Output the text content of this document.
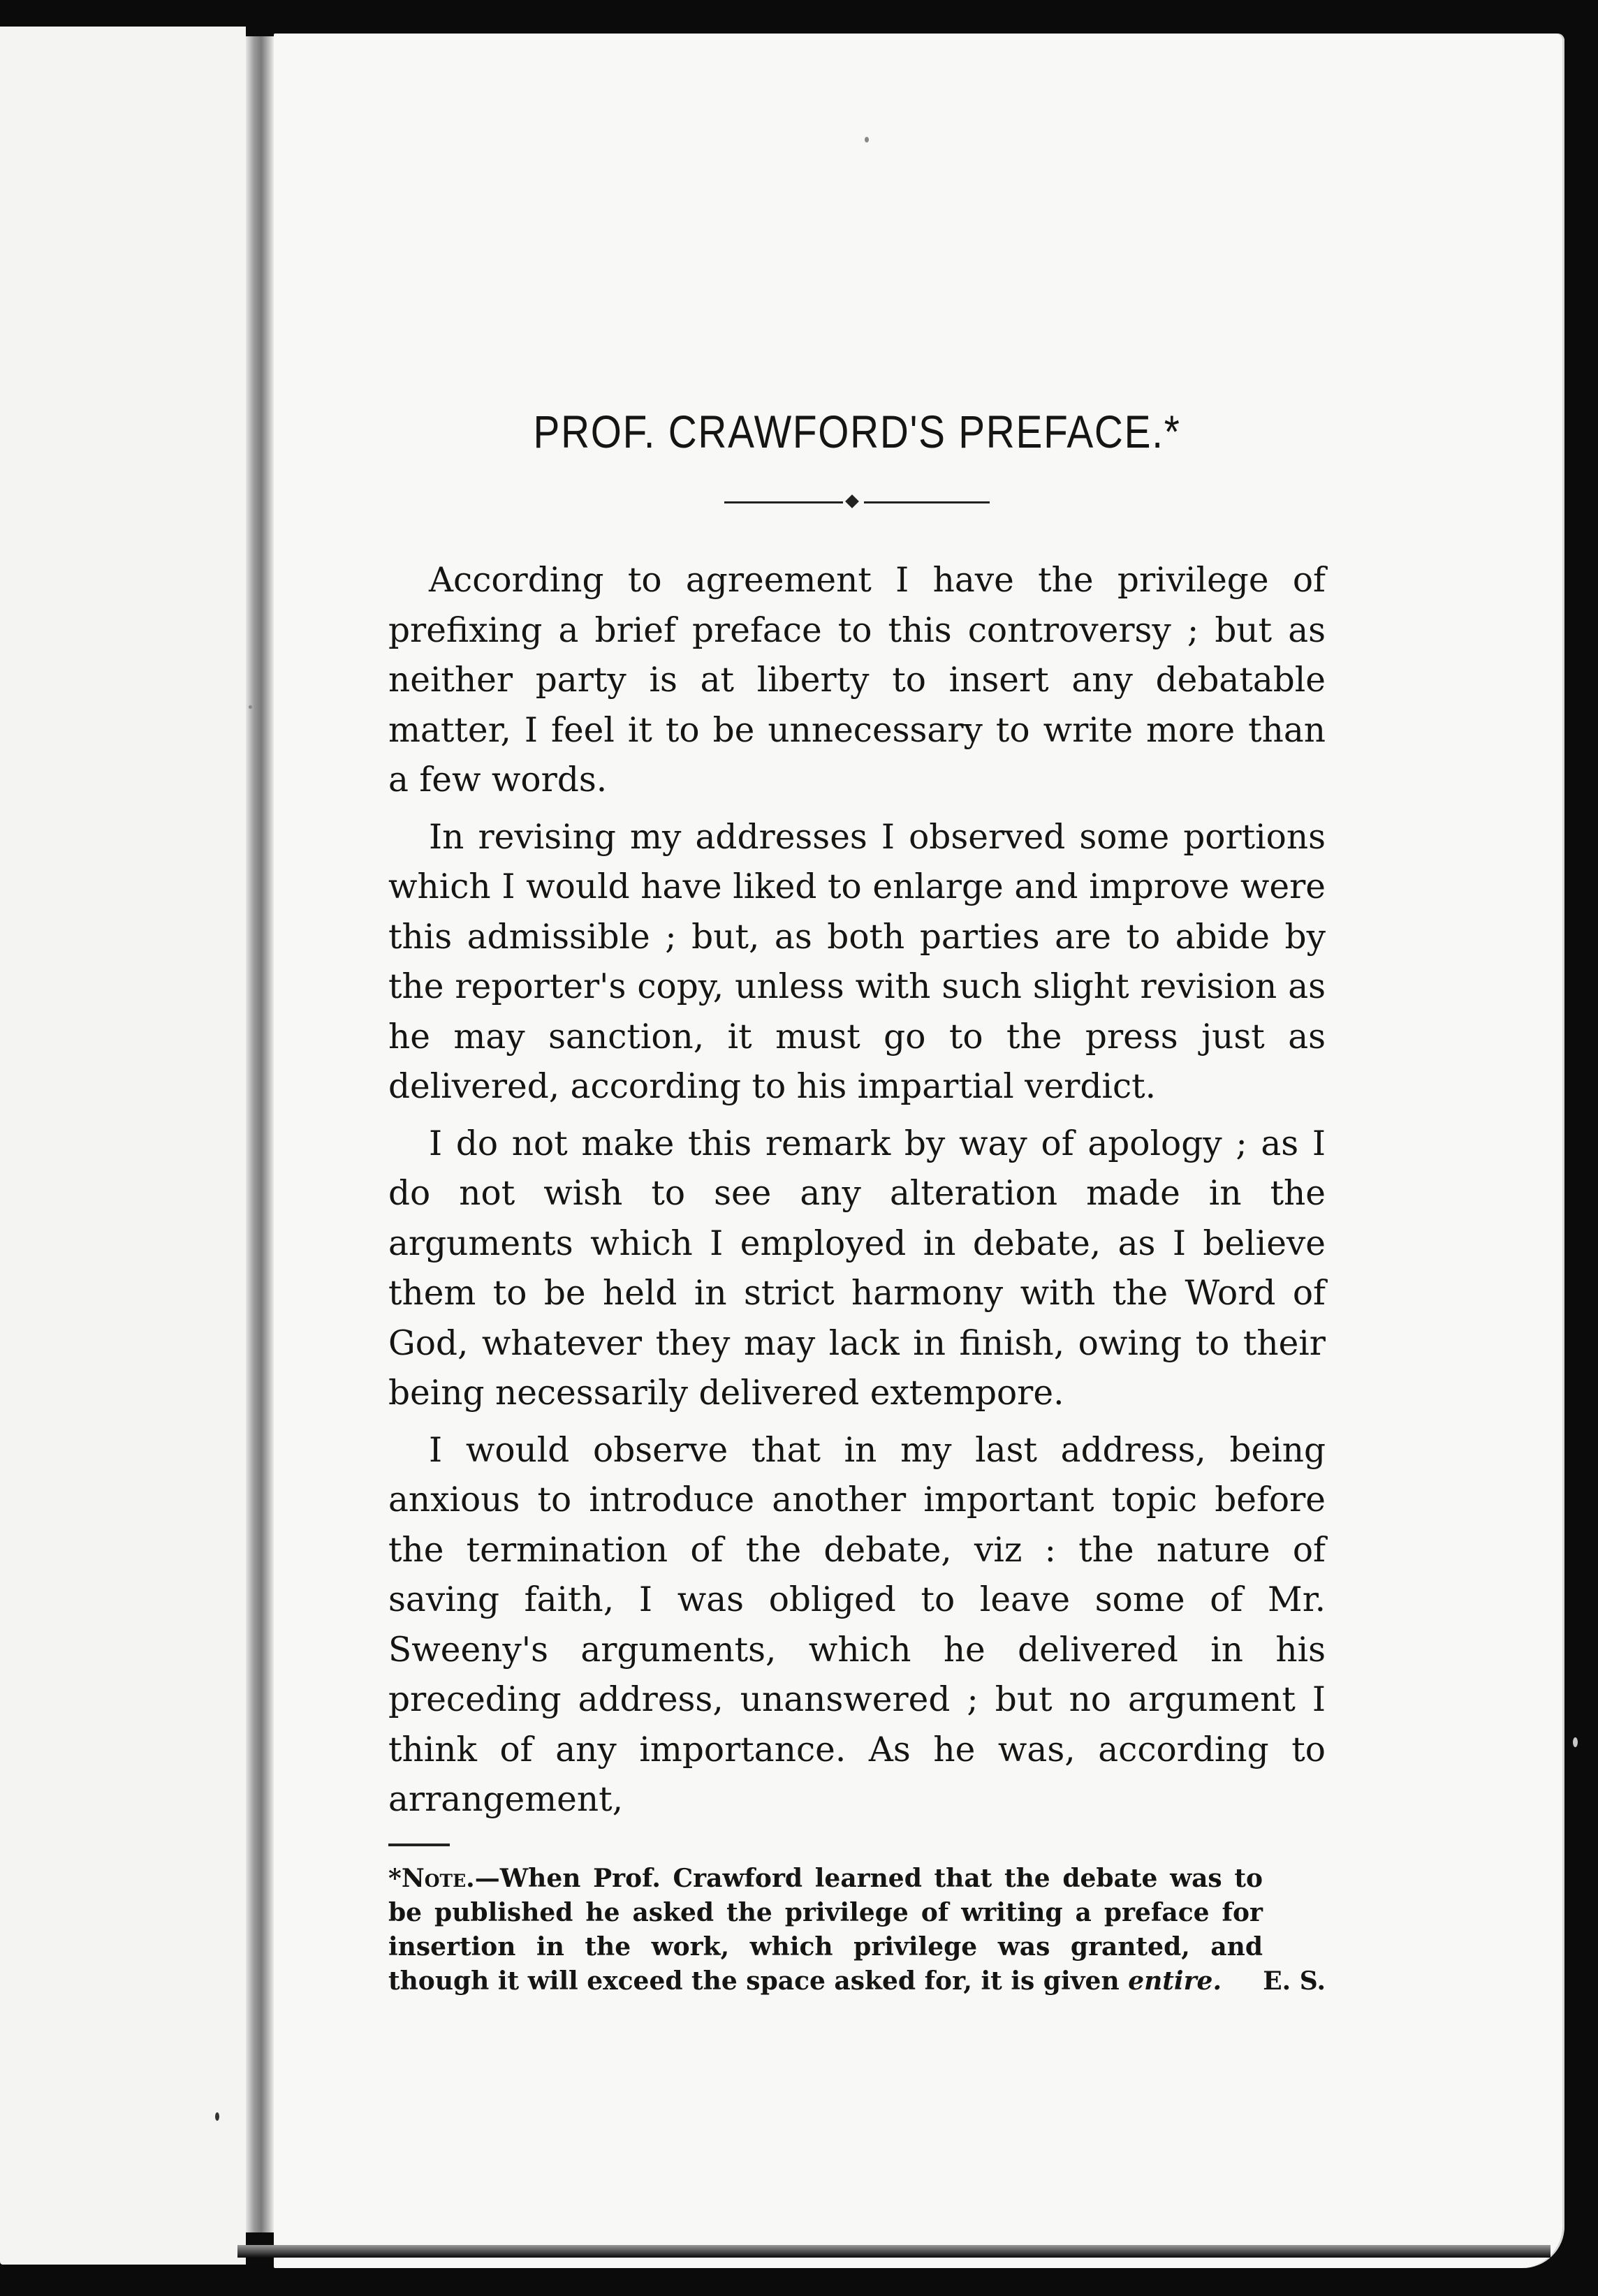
PROF. CRAWFORD'S PREFACE.*

According to agreement I have the privilege of prefixing a brief preface to this controversy ; but as neither party is at liberty to insert any debatable matter, I feel it to be unnecessary to write more than a few words.

In revising my addresses I observed some portions which I would have liked to enlarge and improve were this admissible ; but, as both parties are to abide by the reporter's copy, unless with such slight revision as he may sanction, it must go to the press just as delivered, according to his impartial verdict.

I do not make this remark by way of apology ; as I do not wish to see any alteration made in the arguments which I employed in debate, as I believe them to be held in strict harmony with the Word of God, whatever they may lack in finish, owing to their being necessarily delivered extempore.

I would observe that in my last address, being anxious to introduce another important topic before the termination of the debate, viz : the nature of saving faith, I was obliged to leave some of Mr. Sweeny's arguments, which he delivered in his preceding address, unanswered ; but no argument I think of any importance. As he was, according to arrangement,

*Note.—When Prof. Crawford learned that the debate was to be published he asked the privilege of writing a preface for insertion in the work, which privilege was granted, and though it will exceed the space asked for, it is given entire. E. S.
